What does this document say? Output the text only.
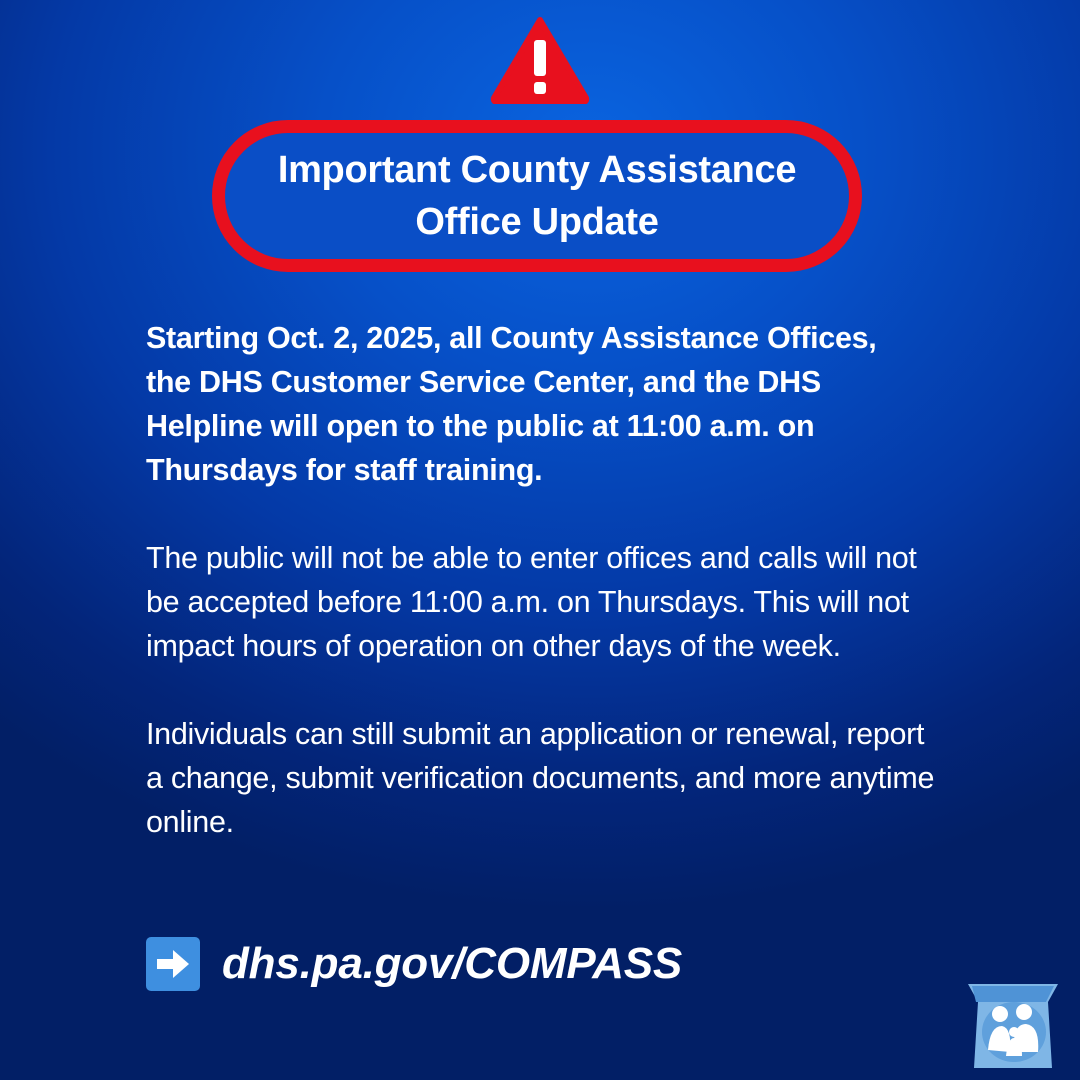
Important County Assistance Office Update

Starting Oct. 2, 2025, all County Assistance Offices, the DHS Customer Service Center, and the DHS Helpline will open to the public at 11:00 a.m. on Thursdays for staff training.

The public will not be able to enter offices and calls will not be accepted before 11:00 a.m. on Thursdays. This will not impact hours of operation on other days of the week.

Individuals can still submit an application or renewal, report a change, submit verification documents, and more anytime online.

dhs.pa.gov/COMPASS
